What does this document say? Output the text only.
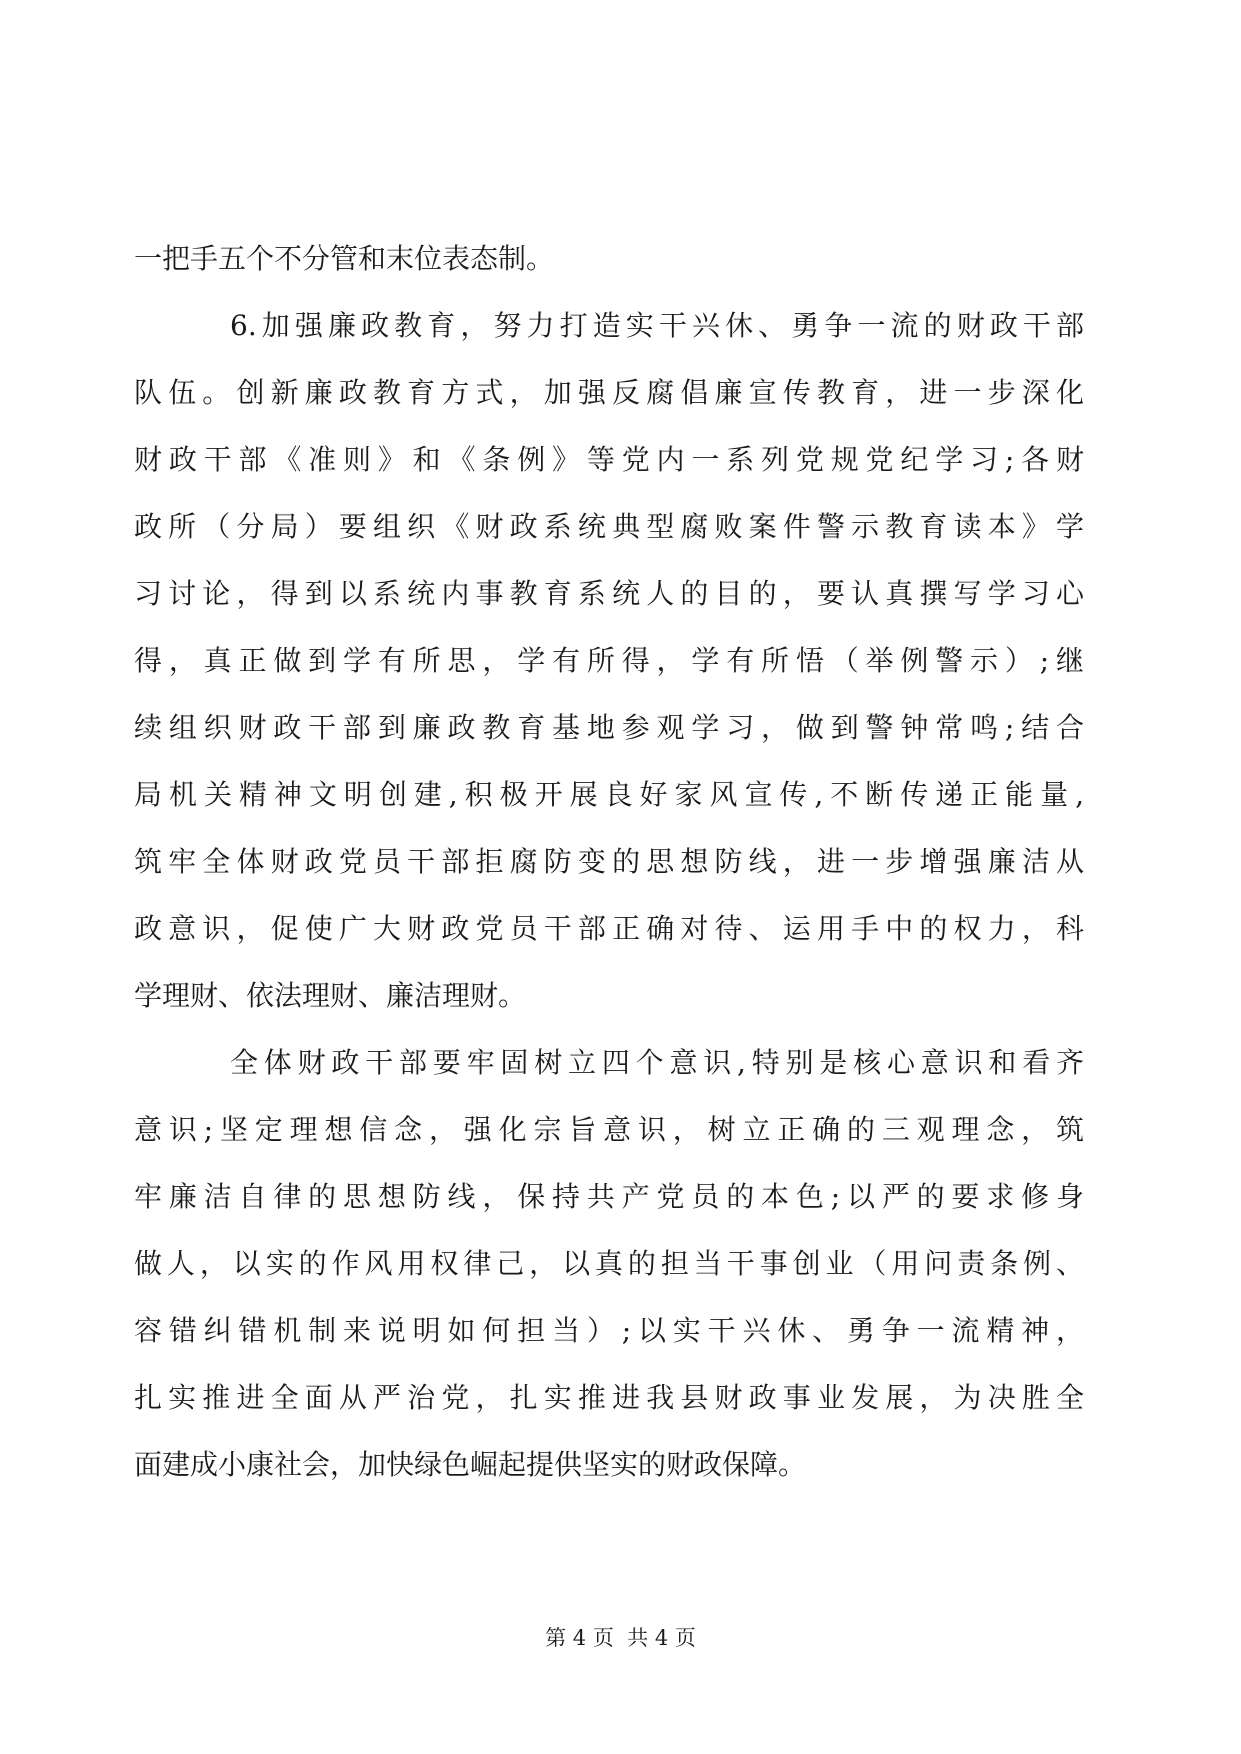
一把手五个不分管和末位表态制。
6.加强廉政教育，努力打造实干兴休、勇争一流的财政干部
队伍。创新廉政教育方式，加强反腐倡廉宣传教育，进一步深化
财政干部《准则》和《条例》等党内一系列党规党纪学习;各财
政所（分局）要组织《财政系统典型腐败案件警示教育读本》学
习讨论，得到以系统内事教育系统人的目的，要认真撰写学习心
得，真正做到学有所思，学有所得，学有所悟（举例警示）;继
续组织财政干部到廉政教育基地参观学习，做到警钟常鸣;结合
局机关精神文明创建,积极开展良好家风宣传,不断传递正能量,
筑牢全体财政党员干部拒腐防变的思想防线，进一步增强廉洁从
政意识，促使广大财政党员干部正确对待、运用手中的权力，科
学理财、依法理财、廉洁理财。
全体财政干部要牢固树立四个意识,特别是核心意识和看齐
意识;坚定理想信念，强化宗旨意识，树立正确的三观理念，筑
牢廉洁自律的思想防线，保持共产党员的本色;以严的要求修身
做人，以实的作风用权律己，以真的担当干事创业（用问责条例、
容错纠错机制来说明如何担当）;以实干兴休、勇争一流精神，
扎实推进全面从严治党，扎实推进我县财政事业发展，为决胜全
面建成小康社会，加快绿色崛起提供坚实的财政保障。
第 4 页  共 4 页
